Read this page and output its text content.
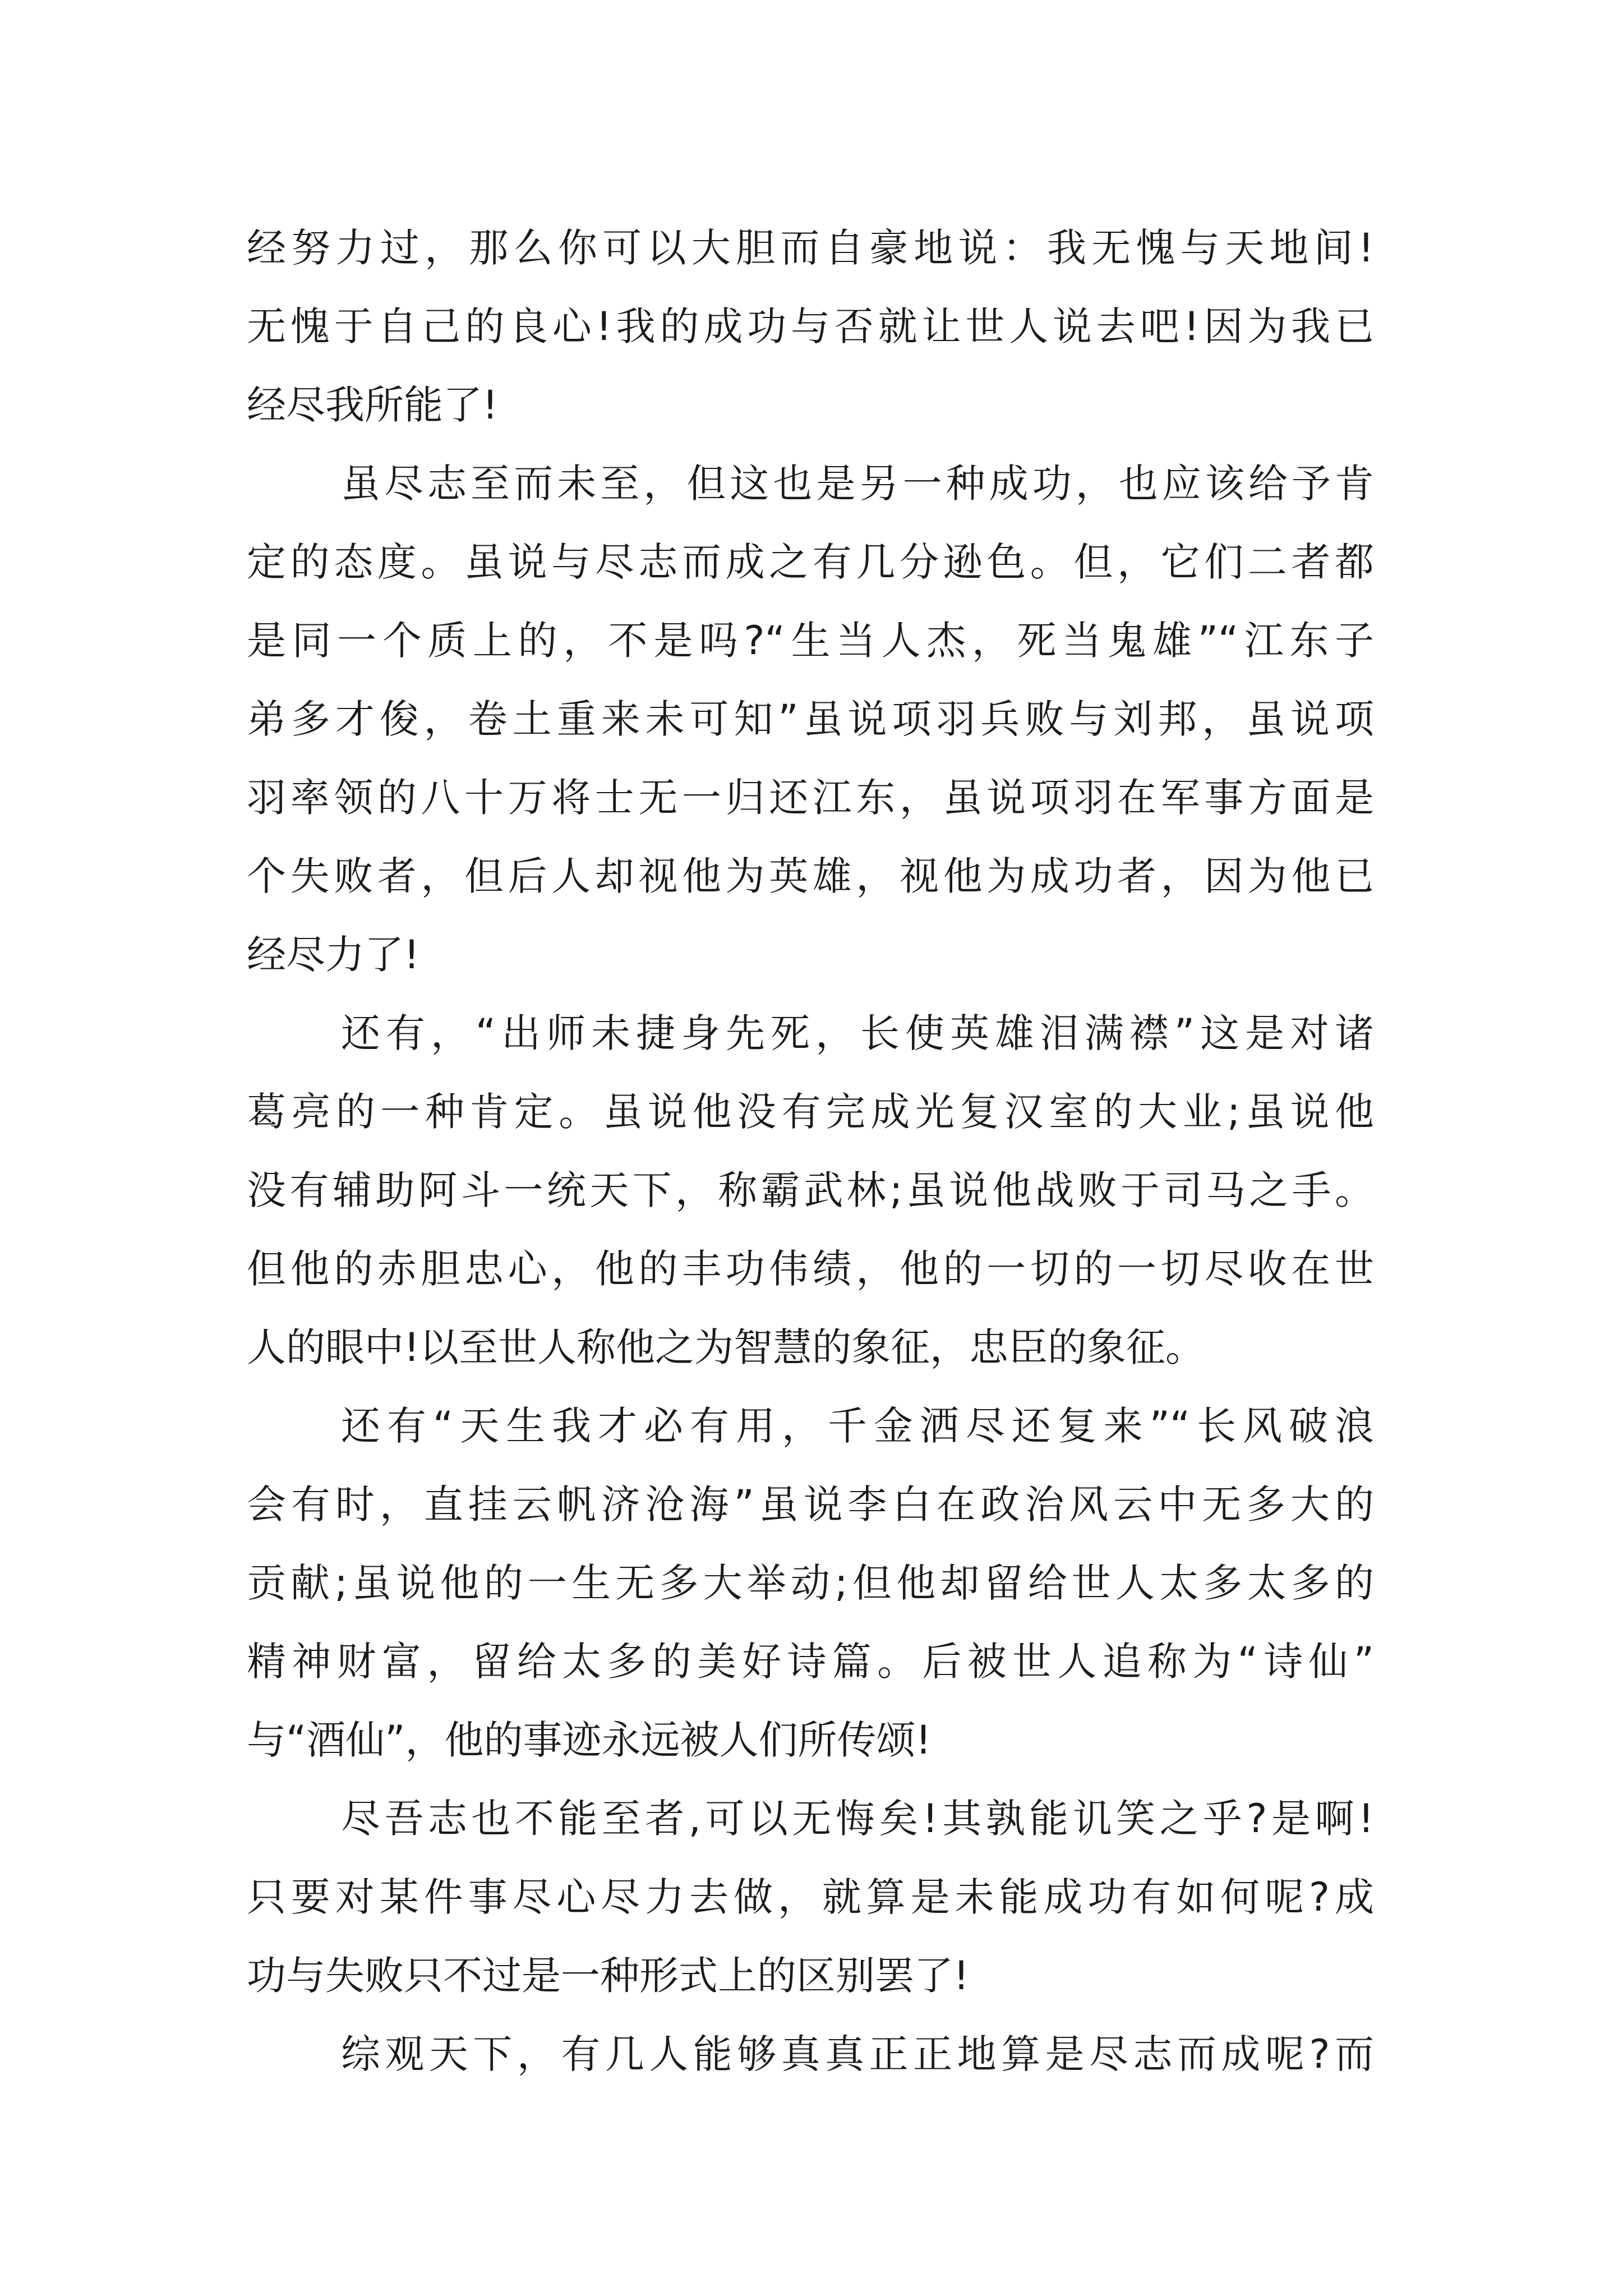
经努力过，那么你可以大胆而自豪地说：我无愧与天地间!
无愧于自己的良心!我的成功与否就让世人说去吧!因为我已
经尽我所能了!
虽尽志至而未至，但这也是另一种成功，也应该给予肯
定的态度。虽说与尽志而成之有几分逊色。但，它们二者都
是同一个质上的，不是吗?“生当人杰，死当鬼雄”“江东子
弟多才俊，卷土重来未可知”虽说项羽兵败与刘邦，虽说项
羽率领的八十万将士无一归还江东，虽说项羽在军事方面是
个失败者，但后人却视他为英雄，视他为成功者，因为他已
经尽力了!
还有，“出师未捷身先死，长使英雄泪满襟”这是对诸
葛亮的一种肯定。虽说他没有完成光复汉室的大业;虽说他
没有辅助阿斗一统天下，称霸武林;虽说他战败于司马之手。
但他的赤胆忠心，他的丰功伟绩，他的一切的一切尽收在世
人的眼中!以至世人称他之为智慧的象征，忠臣的象征。
还有“天生我才必有用，千金洒尽还复来”“长风破浪
会有时，直挂云帆济沧海”虽说李白在政治风云中无多大的
贡献;虽说他的一生无多大举动;但他却留给世人太多太多的
精神财富，留给太多的美好诗篇。后被世人追称为“诗仙”
与“酒仙”，他的事迹永远被人们所传颂!
尽吾志也不能至者,可以无悔矣!其孰能讥笑之乎?是啊!
只要对某件事尽心尽力去做，就算是未能成功有如何呢?成
功与失败只不过是一种形式上的区别罢了!
综观天下，有几人能够真真正正地算是尽志而成呢?而
